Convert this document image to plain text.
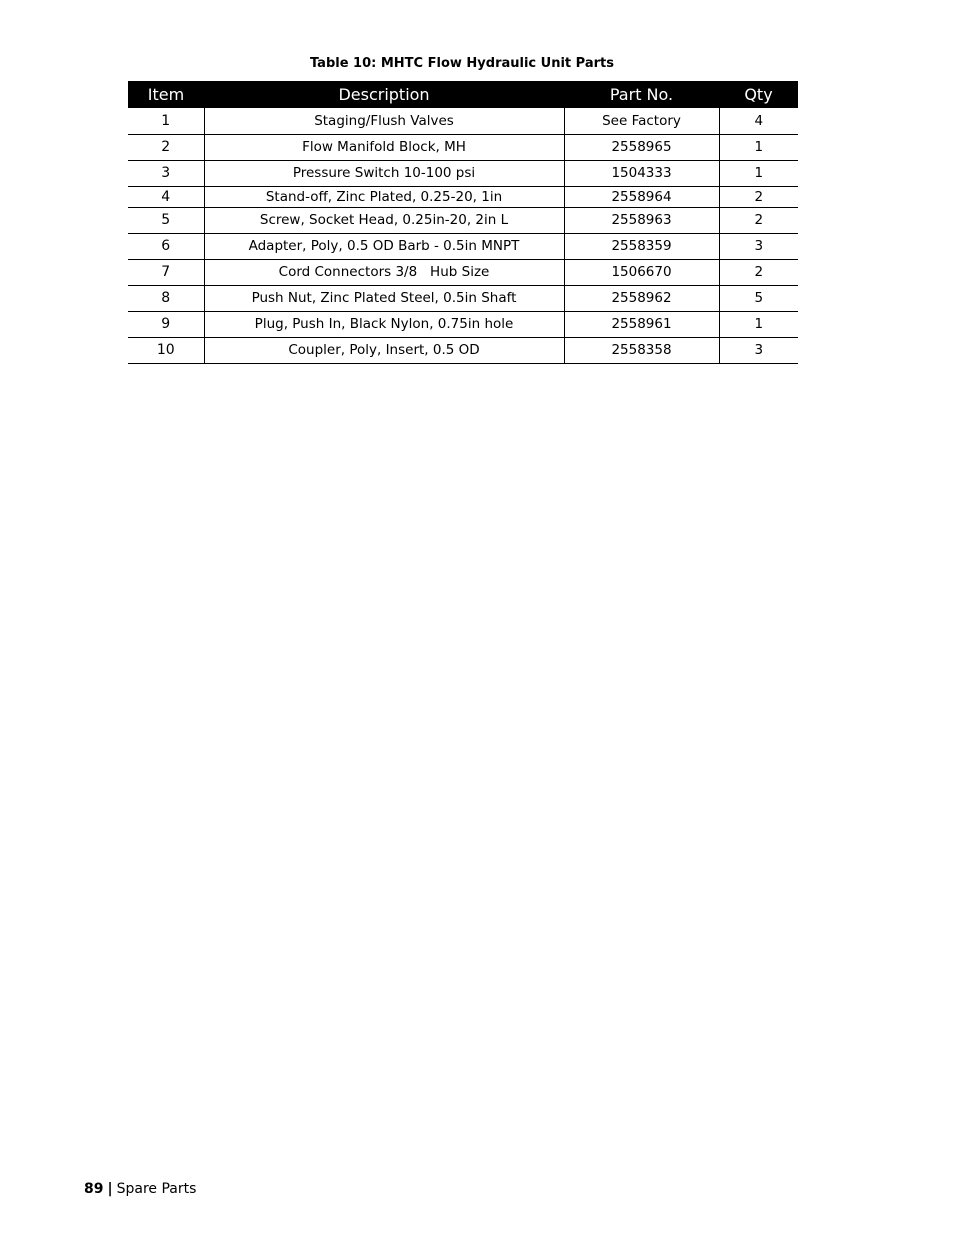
Table 10: MHTC Flow Hydraulic Unit Parts
Item	Description	Part No.	Qty
1	Staging/Flush Valves	See Factory	4
2	Flow Manifold Block, MH	2558965	1
3	Pressure Switch 10-100 psi	1504333	1
4	Stand-off, Zinc Plated, 0.25-20, 1in	2558964	2
5	Screw, Socket Head, 0.25in-20, 2in L	2558963	2
6	Adapter, Poly, 0.5 OD Barb - 0.5in MNPT	2558359	3
7	Cord Connectors 3/8   Hub Size	1506670	2
8	Push Nut, Zinc Plated Steel, 0.5in Shaft	2558962	5
9	Plug, Push In, Black Nylon, 0.75in hole	2558961	1
10	Coupler, Poly, Insert, 0.5 OD	2558358	3
89 | Spare Parts
